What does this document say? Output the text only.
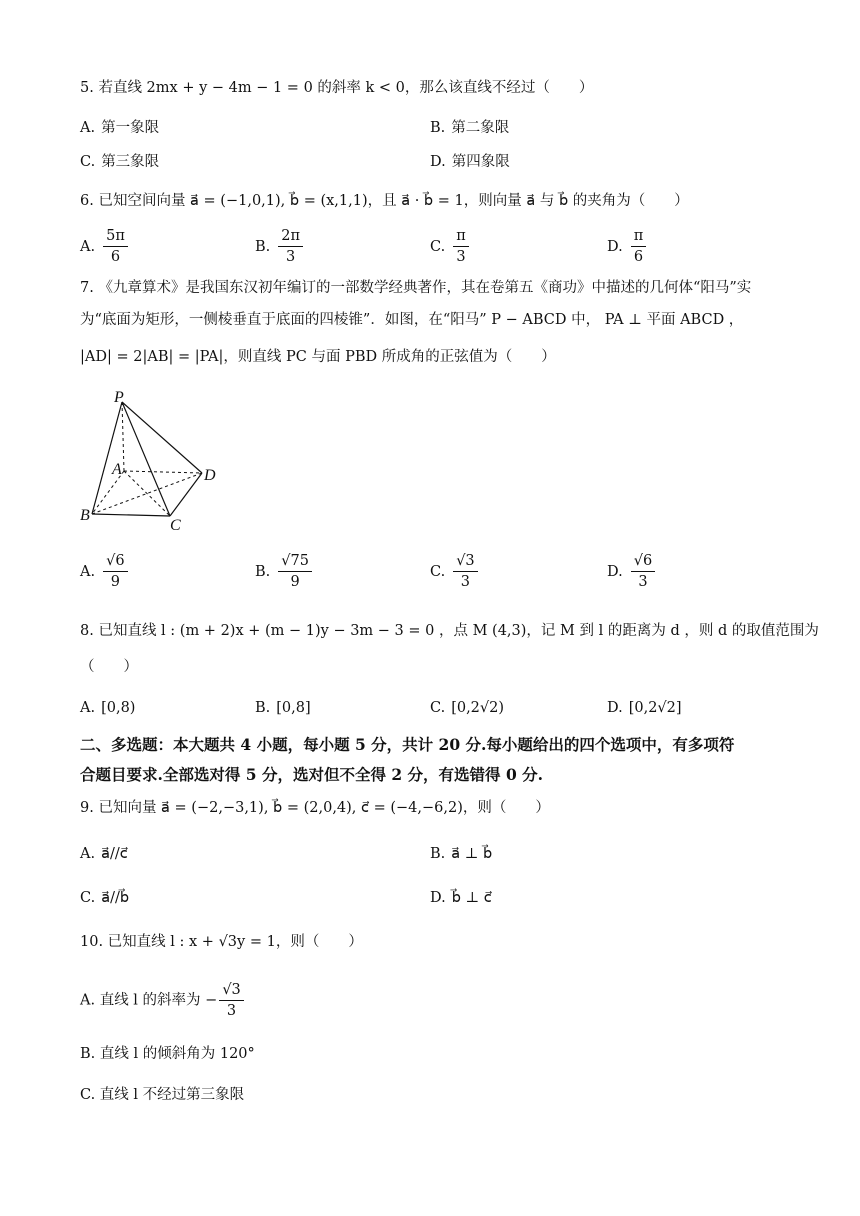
5. 若直线 2mx + y − 4m − 1 = 0 的斜率 k < 0，那么该直线不经过（　　）
A. 第一象限	B. 第二象限
C. 第三象限	D. 第四象限
6. 已知空间向量 a⃗ = (−1,0,1), b⃗ = (x,1,1)，且 a⃗ · b⃗ = 1，则向量 a⃗ 与 b⃗ 的夹角为（　　）
A. $\frac{5\pi}{6}$	B. $\frac{2\pi}{3}$	C. $\frac{\pi}{3}$	D. $\frac{\pi}{6}$
7. 《九章算术》是我国东汉初年编订的一部数学经典著作，其在卷第五《商功》中描述的几何体“阳马”实
为“底面为矩形，一侧棱垂直于底面的四棱锥”．如图，在“阳马” P − ABCD 中， PA ⊥ 平面 ABCD ，
|AD| = 2|AB| = |PA|，则直线 PC 与面 PBD 所成角的正弦值为（　　）
P
A	D
B
C
A. $\frac{√6}{9}$	B. $\frac{√75}{9}$	C. $\frac{√3}{3}$	D. $\frac{√6}{3}$
8. 已知直线 l : (m + 2)x + (m − 1)y − 3m − 3 = 0 ，点 M (4,3)，记 M 到 l 的距离为 d ，则 d 的取值范围为
（　　）
A. [0,8)	B. [0,8]	C. [0,2√2)	D. [0,2√2]
二、多选题：本大题共 4 小题，每小题 5 分，共计 20 分.每小题给出的四个选项中，有多项符
合题目要求.全部选对得 5 分，选对但不全得 2 分，有选错得 0 分.
9. 已知向量 a⃗ = (−2,−3,1), b⃗ = (2,0,4), c⃗ = (−4,−6,2)，则（　　）
A. a⃗//c⃗	B. a⃗ ⊥ b⃗
C. a⃗//b⃗	D. b⃗ ⊥ c⃗
10. 已知直线 l : x + √3y = 1，则（　　）
A. 直线 l 的斜率为 − $\frac{√3}{3}$
B. 直线 l 的倾斜角为 120°
C. 直线 l 不经过第三象限
